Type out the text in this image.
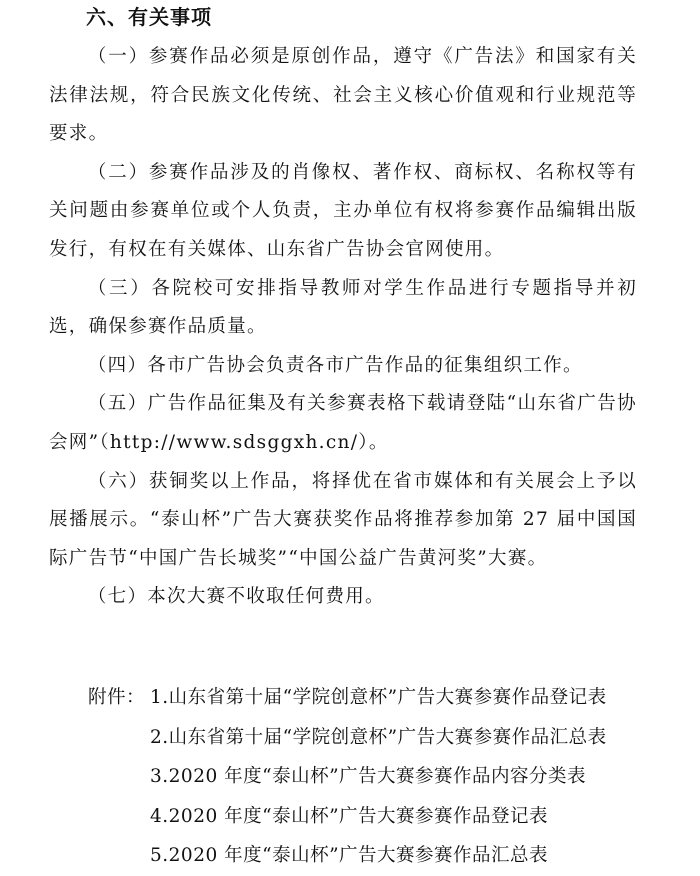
六、有关事项

（一）参赛作品必须是原创作品，遵守《广告法》和国家有关法律法规，符合民族文化传统、社会主义核心价值观和行业规范等要求。

（二）参赛作品涉及的肖像权、著作权、商标权、名称权等有关问题由参赛单位或个人负责，主办单位有权将参赛作品编辑出版发行，有权在有关媒体、山东省广告协会官网使用。

（三）各院校可安排指导教师对学生作品进行专题指导并初选，确保参赛作品质量。

（四）各市广告协会负责各市广告作品的征集组织工作。

（五）广告作品征集及有关参赛表格下载请登陆“山东省广告协会网”（http://www.sdsggxh.cn/）。

（六）获铜奖以上作品，将择优在省市媒体和有关展会上予以展播展示。“泰山杯”广告大赛获奖作品将推荐参加第 27 届中国国际广告节“中国广告长城奖”“中国公益广告黄河奖”大赛。

（七）本次大赛不收取任何费用。

附件： 1.山东省第十届“学院创意杯”广告大赛参赛作品登记表
2.山东省第十届“学院创意杯”广告大赛参赛作品汇总表
3.2020 年度“泰山杯”广告大赛参赛作品内容分类表
4.2020 年度“泰山杯”广告大赛参赛作品登记表
5.2020 年度“泰山杯”广告大赛参赛作品汇总表
